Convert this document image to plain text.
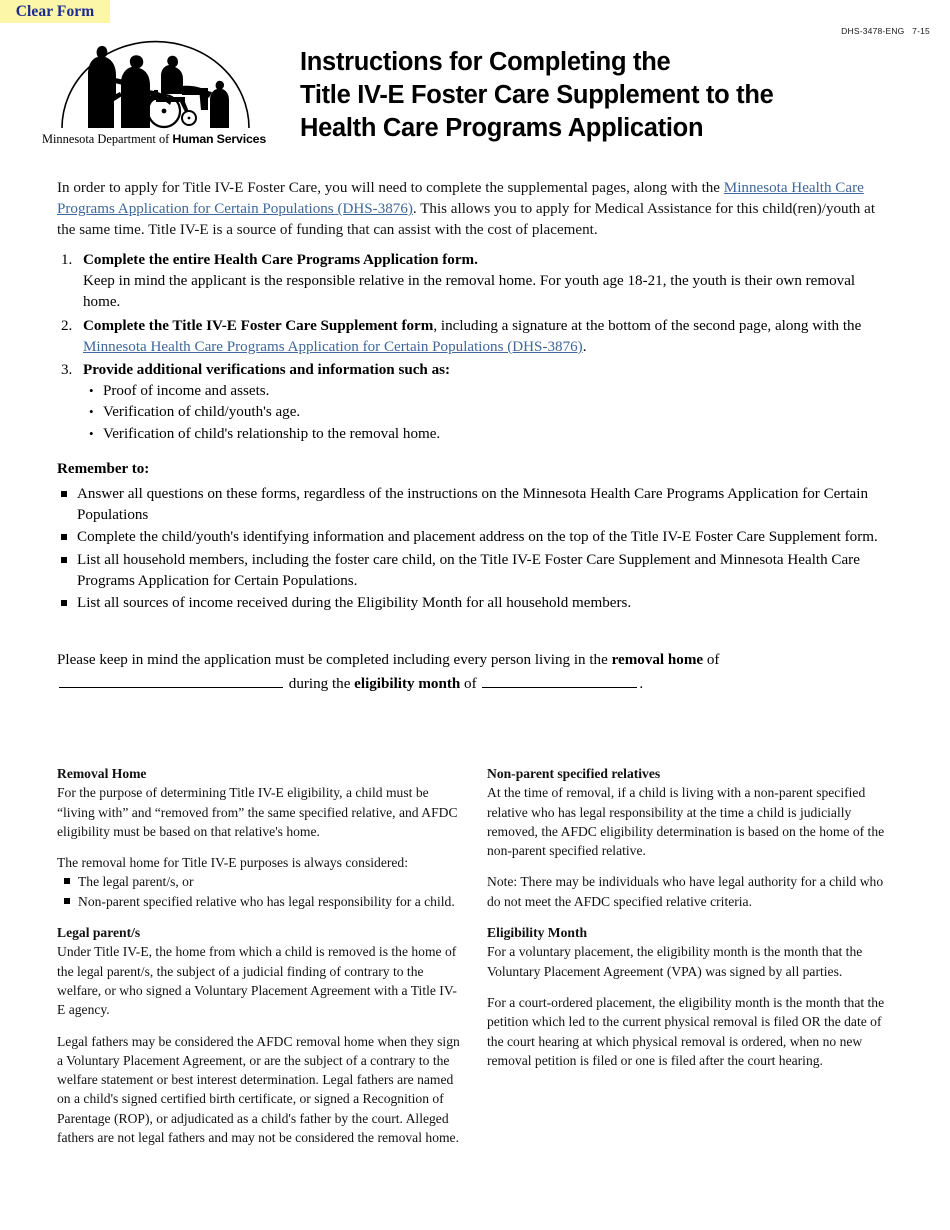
Clear Form
DHS-3478-ENG   7-15
Minnesota Department of Human Services
Instructions for Completing the
Title IV-E Foster Care Supplement to the
Health Care Programs Application
In order to apply for Title IV-E Foster Care, you will need to complete the supplemental pages, along with the Minnesota Health Care Programs Application for Certain Populations (DHS-3876). This allows you to apply for Medical Assistance for this child(ren)/youth at the same time. Title IV-E is a source of funding that can assist with the cost of placement.
1. Complete the entire Health Care Programs Application form.
Keep in mind the applicant is the responsible relative in the removal home. For youth age 18-21, the youth is their own removal home.
2. Complete the Title IV-E Foster Care Supplement form, including a signature at the bottom of the second page, along with the Minnesota Health Care Programs Application for Certain Populations (DHS-3876).
3. Provide additional verifications and information such as:
• Proof of income and assets.
• Verification of child/youth's age.
• Verification of child's relationship to the removal home.
Remember to:
Answer all questions on these forms, regardless of the instructions on the Minnesota Health Care Programs Application for Certain Populations
Complete the child/youth's identifying information and placement address on the top of the Title IV-E Foster Care Supplement form.
List all household members, including the foster care child, on the Title IV-E Foster Care Supplement and Minnesota Health Care Programs Application for Certain Populations.
List all sources of income received during the Eligibility Month for all household members.
Please keep in mind the application must be completed including every person living in the removal home of
during the eligibility month of	.
Removal Home

For the purpose of determining Title IV-E eligibility, a child must be “living with” and “removed from” the same specified relative, and AFDC eligibility must be based on that relative's home.

The removal home for Title IV-E purposes is always considered:

The legal parent/s, or
Non-parent specified relative who has legal responsibility for a child.
Legal parent/s

Under Title IV-E, the home from which a child is removed is the home of the legal parent/s, the subject of a judicial finding of contrary to the welfare, or who signed a Voluntary Placement Agreement with a Title IV-E agency.

Legal fathers may be considered the AFDC removal home when they sign a Voluntary Placement Agreement, or are the subject of a contrary to the welfare statement or best interest determination. Legal fathers are named on a child's signed certified birth certificate, or signed a Recognition of Parentage (ROP), or adjudicated as a child's father by the court. Alleged fathers are not legal fathers and may not be considered the removal home.

Non-parent specified relatives

At the time of removal, if a child is living with a non-parent specified relative who has legal responsibility at the time a child is judicially removed, the AFDC eligibility determination is based on the home of the non-parent specified relative.

Note: There may be individuals who have legal authority for a child who do not meet the AFDC specified relative criteria.

Eligibility Month

For a voluntary placement, the eligibility month is the month that the Voluntary Placement Agreement (VPA) was signed by all parties.

For a court-ordered placement, the eligibility month is the month that the petition which led to the current physical removal is filed OR the date of the court hearing at which physical removal is ordered, when no new removal petition is filed or one is filed after the court hearing.
